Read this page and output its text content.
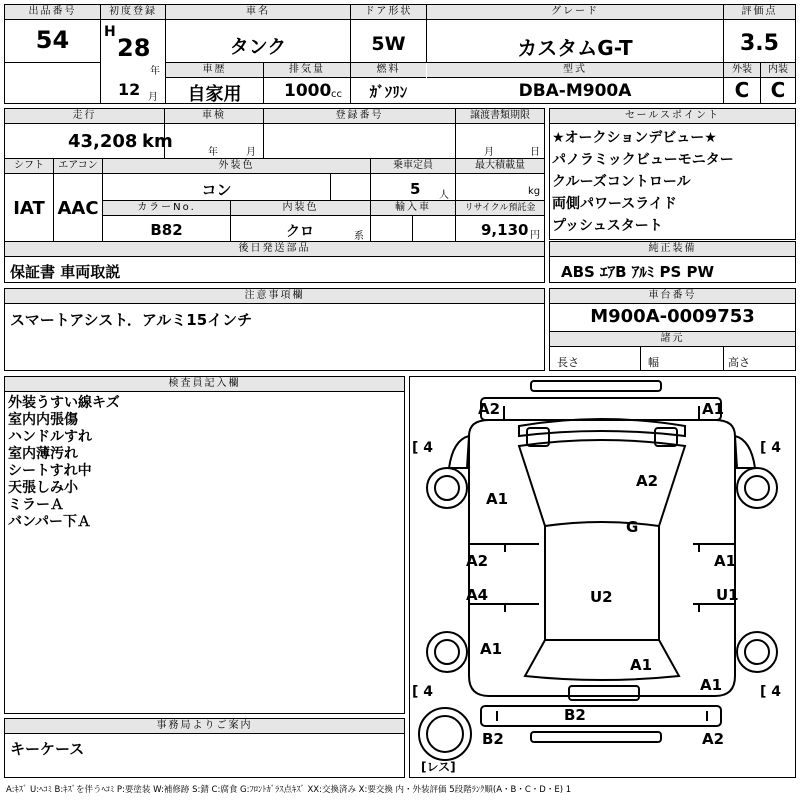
出品番号
54
初度登録
H
28
年
12 月
車名
タンク
ドア形状
5W
グレード
カスタムG-T
評価点
3.5
車歴
自家用
排気量
1000 cc
燃料
ｶﾞｿﾘﾝ
型式
DBA-M900A
外装
C
内装
C
走行
43,208 km
車検
年	月
登録番号	譲渡書類期限
月	日
シフト
IAT
エアコン
AAC
外装色
コン
乗車定員
5 人
最大積載量
kg
カラーNo.
B82
内装色
クロ	系
輸入車	リサイクル預託金
9,130 円
後日発送部品
保証書 車両取説
セールスポイント
★オークションデビュー★
パノラミックビューモニター
クルーズコントロール
両側パワースライド
プッシュスタート
純正装備
ABS ｴｱB ｱﾙﾐ PS PW
注意事項欄
スマートアシスト．アルミ15インチ
車台番号
M900A-0009753
諸元
長さ	幅	高さ
検査員記入欄
外装うすい線キズ
室内内張傷
ハンドルすれ
室内薄汚れ
シートすれ中
天張しみ小
ミラーＡ
バンパー下Ａ
事務局よりご案内
キーケース
A2	A1
A1
A2
G
A2	A1
A4	U2	U1
A1
A1
A1
B2
B2	A2
[ 4	[ 4
[ 4	[ 4
[レス]
A:ｷｽﾞ U:ﾍｺﾐ B:ｷｽﾞを伴うﾍｺﾐ P:要塗装 W:補修跡 S:錆 C:腐食 G:ﾌﾛﾝﾄｶﾞﾗｽ点ｷｽﾞ XX:交換済み X:要交換 内・外装評価 5段階ﾗﾝｸ順(A・B・C・D・E) 1
